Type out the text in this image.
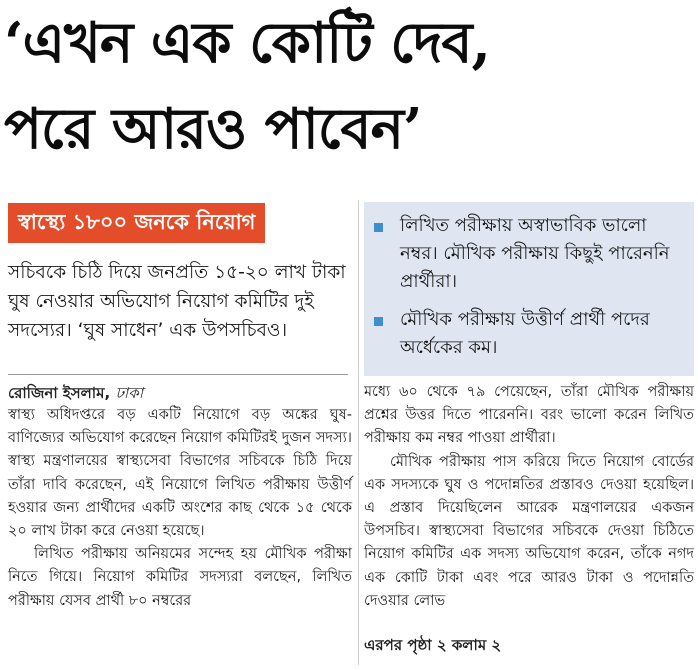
‘এখন এক কোটি দেব,
পরে আরও পাবেন’
স্বাস্থ্যে ১৮০০ জনকে নিয়োগ
সচিবকে চিঠি দিয়ে জনপ্রতি ১৫-২০ লাখ টাকা ঘুষ নেওয়ার অভিযোগ নিয়োগ কমিটির দুই সদস্যের। ‘ঘুষ সাধেন’ এক উপসচিবও।
রোজিনা ইসলাম, ঢাকা

স্বাস্থ্য অধিদপ্তরে বড় একটি নিয়োগে বড় অঙ্কের ঘুষ-বাণিজ্যের অভিযোগ করেছেন নিয়োগ কমিটিরই দুজন সদস্য। স্বাস্থ্য মন্ত্রণালয়ের স্বাস্থ্যসেবা বিভাগের সচিবকে চিঠি দিয়ে তাঁরা দাবি করেছেন, এই নিয়োগে লিখিত পরীক্ষায় উত্তীর্ণ হওয়ার জন্য প্রার্থীদের একটি অংশের কাছ থেকে ১৫ থেকে ২০ লাখ টাকা করে নেওয়া হয়েছে।

লিখিত পরীক্ষায় অনিয়মের সন্দেহ হয় মৌখিক পরীক্ষা নিতে গিয়ে। নিয়োগ কমিটির সদস্যরা বলছেন, লিখিত পরীক্ষায় যেসব প্রার্থী ৮০ নম্বরের

লিখিত পরীক্ষায় অস্বাভাবিক ভালো নম্বর। মৌখিক পরীক্ষায় কিছুই পারেননি প্রার্থীরা।
মৌখিক পরীক্ষায় উত্তীর্ণ প্রার্থী পদের অর্ধেকের কম।

মধ্যে ৬০ থেকে ৭৯ পেয়েছেন, তাঁরা মৌখিক পরীক্ষায় প্রশ্নের উত্তর দিতে পারেননি। বরং ভালো করেন লিখিত পরীক্ষায় কম নম্বর পাওয়া প্রার্থীরা।

মৌখিক পরীক্ষায় পাস করিয়ে দিতে নিয়োগ বোর্ডের এক সদস্যকে ঘুষ ও পদোন্নতির প্রস্তাবও দেওয়া হয়েছিল। এ প্রস্তাব দিয়েছিলেন আরেক মন্ত্রণালয়ের একজন উপসচিব। স্বাস্থ্যসেবা বিভাগের সচিবকে দেওয়া চিঠিতে নিয়োগ কমিটির এক সদস্য অভিযোগ করেন, তাঁকে নগদ এক কোটি টাকা এবং পরে আরও টাকা ও পদোন্নতি দেওয়ার লোভ

এরপর পৃষ্ঠা ২ কলাম ২
